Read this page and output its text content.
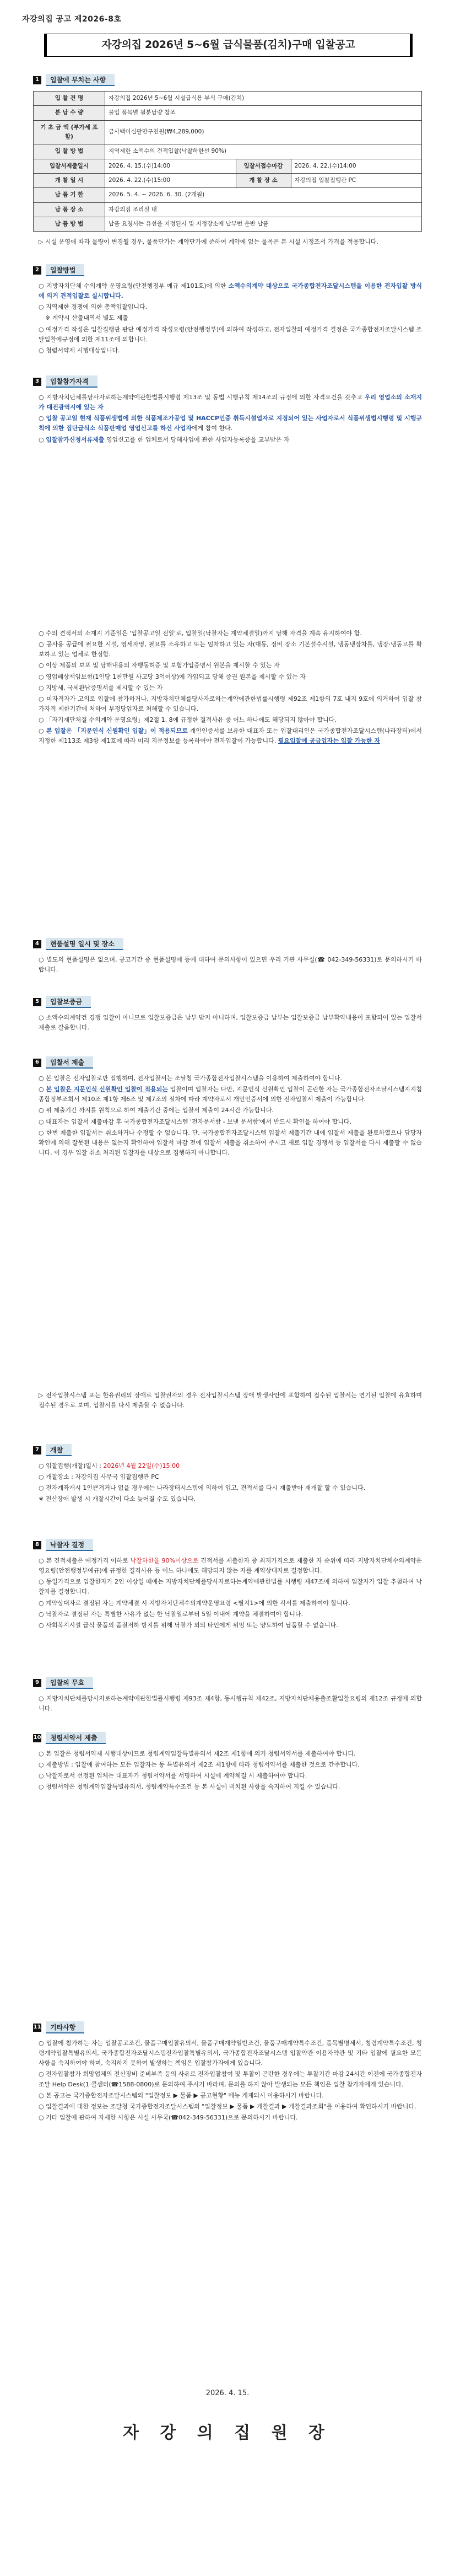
자강의집 공고 제2026-8호
자강의집 2026년 5~6월 급식물품(김치)구매 입찰공고
1	입찰에 부치는 사항
입 찰 건 명	자강의집 2026년 5~6월 시설급식용 부식 구매(김치)		
분 납 수 량	물입 품목별 월분납량 참조		
기 초 금 액 (부가세 포함)	금사백이십팔만구천원(₩4,289,000)		
입 찰 방 법	지역제한 소액수의 견적입찰(낙찰하한선 90%)		
입찰서제출일시	2026. 4. 15.(수)14:00	입찰서접수마감	2026. 4. 22.(수)14:00
개 찰 일 시	2026. 4. 22.(수)15:00	개 찰 장 소	자강의집 입찰집행관 PC
납 품 기 한	2026. 5. 4. ~ 2026. 6. 30. (2개월)		
납 품 장 소	자강의집 조리실 내		
납 품 방 법	납품 요청서는 유선을 지정된시 및 지정장소에 납부번 운반 납품		

▷ 시설 운영에 따라 물량이 변경될 경우, 물품단가는 계약단가에 준하여 계약에 없는 물목은 본 시설 시정조서 가격을 적용합니다.

2	입찰방법

○ 지방자치단체 수의계약 운영요령(안전행정부 예규 제101호)에 의한 소액수의계약 대상으로 국가종합전자조달시스템을 이용한 전자입찰 방식에 의거 견적입찰로 실시합니다.

○ 지역제한 경쟁에 의한 총액입찰입니다.

※ 계약시 산출내역서 별도 제출

○ 예정가격 작성은 입찰집행관 판단 예정가격 작성요령(안전행정부)에 의하여 작성하고, 전자입찰의 예정가격 결정은 국가종합전자조달시스템 조달입찰에규정에 의한 제11조에 의합니다.

○ 청렴서약제 시행대상입니다.

3	입찰참가자격

○ 지방자치단체를당사자로하는계약에관한법률시행령 제13조 및 동법 시행규칙 제14조의 규정에 의한 자격요건을 갖추고 우리 영업소의 소재지가 대전광역시에 있는 자

○ 입찰 공고일 현재 식품위생법에 의한 식품제조가공업 및 HACCP인증 취득시설업자로 지정되어 있는 사업자로서 식품위생법시행령 및 시행규칙에 의한 집단급식소 식품판매업 영업신고를 하신 사업자에게 참여 한다.

○ 입찰참가신청서류제출 영업신고를 한 업체로서 당해사업에 관한 사업자등록증을 교부받은 자

○ 수의 견적서의 소재지 기준일은 '입찰공고일 전일'로, 입찰일(낙찰자는 계약체결일)까지 당해 자격을 계속 유지하여야 함.

○ 공사용 공급에 필요한 시설, 영세자영, 필요를 소유하고 또는 임차하고 있는 자(대동, 정비 장소 기본설수시설, 냉동냉장차를, 냉장·냉동고를 확보하고 있는 업체로 한정함.

○ 이상 제품의 보포 및 당해내용의 자행동허증 및 보험가입증명서 원본을 제시할 수 있는 자

○ 영업배상책임보험(1인당 1천만원 사고당 3억이상)에 가입되고 당해 증권 원본을 제시할 수 있는 자

○ 지방세, 국세완납증명서를 제시할 수 있는 자

○ 미자격자가 고의로 입찰에 참가하거나, 지방자치단체를당사자로하는계약에관한법률시행령 제92조 제1항의 7호 내지 9호에 의거하여 입찰 참가자격 제한기간에 처하여 부정당업자로 처해할 수 있습니다.

○ 「자기재단처결 수의계약 운영요령」제2절 1. 8에 규정한 결격사유 중 어느 하나에도 해당되지 않아야 합니다.

○ 본 입찰은 「지문인식 신원확인 입찰」이 적용되므로 개인인증서를 보유한 대표자 또는 입찰대리인은 국가종합전자조달시스템(나라장터)에서 지정한 제113조 제3항 제1호에 따라 미리 지문정보를 등록하여야 전자입찰이 가능합니다. 필요입찰에 공급업자는 입찰 가능한 자

4	현품설명 일시 및 장소

○ 별도의 현품설명은 없으며, 공고기간 중 현품설명에 등에 대하여 문의사항이 있으면 우리 기관 사무실(☎ 042-349-56331)로 문의하시기 바랍니다.

5	입찰보증금

○ 소액수의계약건 경쟁 입찰이 아니므로 입찰보증금은 납부 받지 아니하며, 입찰보증금 납부는 입찰보증금 납부확약내용이 포함되어 있는 입찰서 제출로 갈음합니다.

6	입찰서 제출

○ 본 입찰은 전자입찰로만 집행하며, 전자입찰서는 조달청 국가종합전자입찰시스템을 이용하여 제출하여야 합니다.

○ 본 입찰은 지문인식 신원확인 입찰이 적용되는 입찰이며 입찰자는 다만, 지문인식 신원확인 입찰이 곤란한 자는 국가종합전자조달시스템지지침종합정부조회서 제10조 제1항 제6조 및 제7조의 절차에 따라 계약자로서 개인인증서에 의한 전자입찰서 제출이 가능합니다.

○ 위 제출기간 까지를 원칙으로 하여 제출기간 중에는 입찰서 제출이 24시간 가능합니다.

○ 대표자는 입찰서 제출마감 후 국가종합전자조달시스템 '전자문서함 - 보낸 문서함'에서 반드시 확인을 하여야 합니다.

○ 한번 제출한 입찰서는 취소하거나 수정할 수 없습니다. 단, 국가종합전자조달시스템 입찰서 제출기간 내에 입찰서 제출을 완료하였으나 담당자 확인에 의해 잘못된 내용은 없는지 확인하여 입찰서 마감 전에 입찰서 제출을 취소하여 주시고 새로 입찰 경쟁서 등 입찰서를 다시 제출할 수 없습니다. 이 경우 입찰 취소 처리된 입찰자를 대상으로 집행하지 아니합니다.

▷ 전자입찰시스템 또는 한유권리의 장애로 입찰권자의 경우 전자입찰시스템 장애 발생사안에 포함하여 접수된 입찰서는 연기된 입찰에 유효하며 접수된 경우로 보며, 입찰서를 다시 제출할 수 없습니다.

7	개찰

○ 입찰집행(개찰)일시 : 2026년 4월 22일(수)15:00

○ 개찰장소 : 자강의집 사무국 입찰집행관 PC

○ 전자계좌개시 1인쁜겨거나 없을 경우에는 나라장터시스템에 의하여 입고, 견적서를 다시 재출받아 재개찰 할 수 있습니다.

※ 전산장애 발생 시 개찰시간이 다소 늦어질 수도 있습니다.

8	낙찰자 결정

○ 본 견적제출은 예정가격 이하로 낙찰하한율 90%이상으로 견적서를 제출한자 중 최저가격으로 제출한 자 순위에 따라 지방자치단체수의계약운영요령(안전행정부예규)에 규정한 결격사유 등 어느 하나에도 해당되지 않는 자를 계약상대자로 결정합니다.

○ 동일가격으로 입찰한자가 2인 이상일 때에는 지방자치단체를당사자로하는계약에관한법률 시행령 제47조에 의하여 입찰자가 입찰 추첨하여 낙찰자를 결정합니다.

○ 계약상대자로 결정된 자는 계약체결 시 지방자치단체수의계약운영요령 <별지1>에 의한 각서를 제출하여야 합니다.

○ 낙찰자로 결정된 자는 특별한 사유가 없는 한 낙찰일로부터 5일 이내에 계약을 체결하여야 합니다.

○ 사회복지시설 급식 물품의 품질저하 방지를 위해 낙찰가 외의 타인에게 위임 또는 양도하여 납품할 수 없습니다.

9	입찰의 무효

○ 지방자치단체를당사자로하는계약에관한법률시행령 제93조 제4항, 동시행규칙 제42조, 지방자치단체용출조활입찰요령의 제12조 규정에 의합니다.

10	청렴서약서 제출

○ 본 입찰은 청렴서약제 시행대상이므로 청렴계약입찰특별유의서 제2조 제1항에 의거 청렴서약서를 제출하여야 합니다.

○ 제출방법 : 입찰에 참여하는 모든 입찰자는 동 특별유의서 제2조 제1항에 따라 청렴서약서를 제출한 것으로 간주합니다.

○ 낙찰자로서 선정된 업체는 대표자가 청렴서약서를 서명하여 시설에 계약체결 시 제출하여야 합니다.

○ 청렴서약은 청렴계약입찰특별유의서, 청렴계약특수조건 등 본 사실에 비치된 사항을 숙지하여 지킬 수 있습니다.

11	기타사항

○ 입찰에 참가하는 자는 입찰공고조건, 물품구매입찰유의서, 물품구매계약일반조건, 물품구매계약특수조건, 품목별명세서, 청렴계약특수조건, 청렴계약입찰특별유의서, 국가종합전자조달시스템전자입찰특별유의서, 국가종합전자조달시스템 입찰약관 이용자약관 및 기타 입찰에 필요한 모든 사항을 숙지하여야 하며, 숙지하지 못하여 발생하는 책임은 입찰참가자에게 있습니다.

○ 전자입찰참가 희망업체의 전산장비 준비부족 등의 사유로 전자입찰참여 및 투찰이 곤란한 경우에는 투찰기간 마감 24시간 이전에 국가종합전자조달 Help Desk(1 콜센터(☎1588-0800)로 문의하여 주시기 바라며, 문의를 하지 않아 발생되는 모든 책임은 입찰 참가자에게 있습니다.

○ 본 공고는 국가종합전자조달시스템의 "입찰정보 ▶ 물품 ▶ 공고현황" 메뉴 게재되시 이용하시기 바랍니다.

○ 입찰결과에 대한 정보는 조달청 국가종합전자조달시스템의 "입찰정보 ▶ 물품 ▶ 개찰결과 ▶ 개찰결과조회"를 이용하여 확인하시기 바랍니다.

○ 기타 입찰에 관하여 자세한 사항은 시설 사무국(☎042-349-56331)으로 문의하시기 바랍니다.

2026. 4. 15.
자 강 의 집 원 장
